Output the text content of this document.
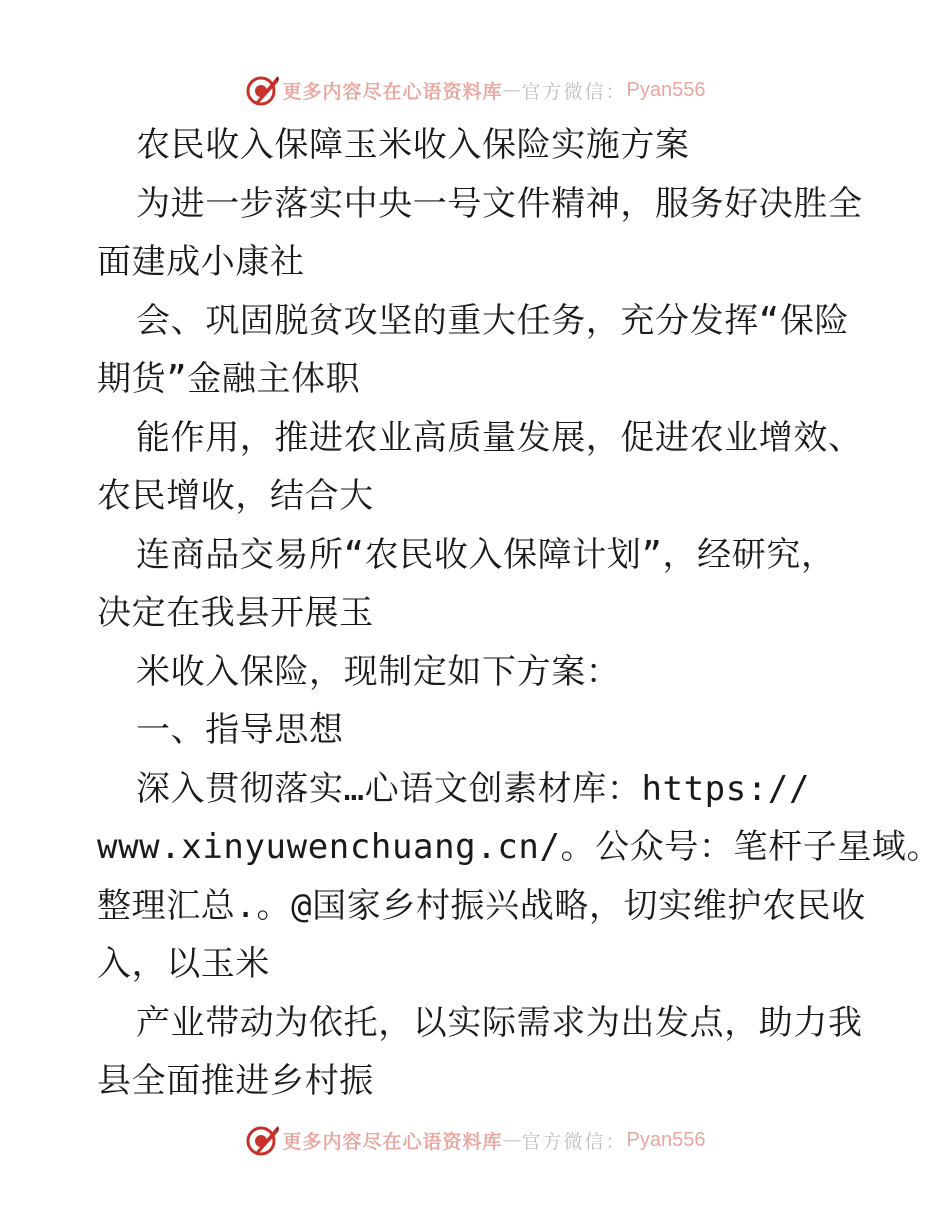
更多内容尽在心语资料库 — 官方微信： Pyan556
农民收入保障玉米收入保险实施方案
为进一步落实中央一号文件精神，服务好决胜全
面建成小康社
会、巩固脱贫攻坚的重大任务，充分发挥“保险
期货”金融主体职
能作用，推进农业高质量发展，促进农业增效、
农民增收，结合大
连商品交易所“农民收入保障计划”，经研究，
决定在我县开展玉
米收入保险，现制定如下方案：
一、指导思想
深入贯彻落实…心语文创素材库：https://
www.xinyuwenchuang.cn/。公众号：笔杆子星域。
整理汇总.。@国家乡村振兴战略，切实维护农民收
入，以玉米
产业带动为依托，以实际需求为出发点，助力我
县全面推进乡村振
更多内容尽在心语资料库 — 官方微信： Pyan556
